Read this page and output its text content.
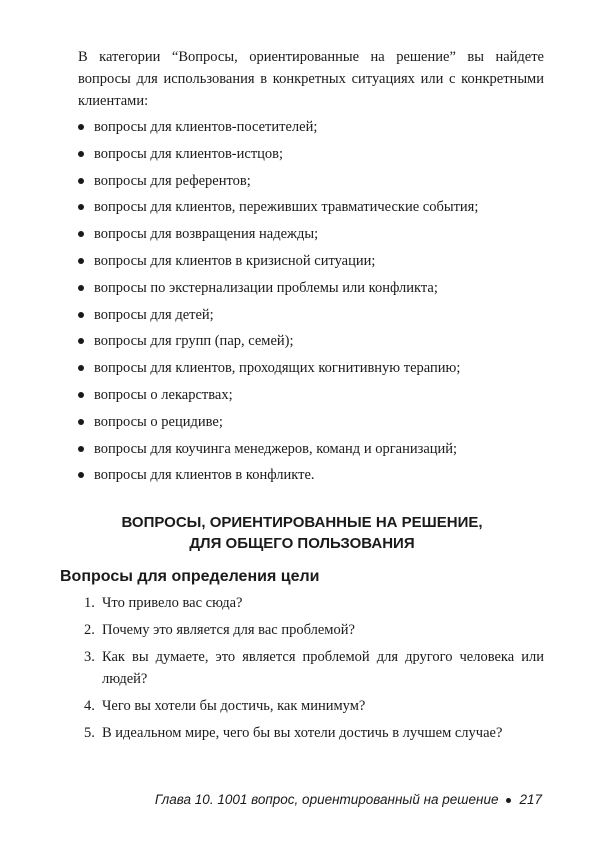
В категории “Вопросы, ориентированные на решение” вы найдете вопросы для использования в конкретных ситуациях или с конкретными клиентами:

вопросы для клиентов-посетителей;
вопросы для клиентов-истцов;
вопросы для референтов;
вопросы для клиентов, переживших травматические события;
вопросы для возвращения надежды;
вопросы для клиентов в кризисной ситуации;
вопросы по экстернализации проблемы или конфликта;
вопросы для детей;
вопросы для групп (пар, семей);
вопросы для клиентов, проходящих когнитивную терапию;
вопросы о лекарствах;
вопросы о рецидиве;
вопросы для коучинга менеджеров, команд и организаций;
вопросы для клиентов в конфликте.
ВОПРОСЫ, ОРИЕНТИРОВАННЫЕ НА РЕШЕНИЕ,
ДЛЯ ОБЩЕГО ПОЛЬЗОВАНИЯ
Вопросы для определения цели
1. Что привело вас сюда?
2. Почему это является для вас проблемой?
3. Как вы думаете, это является проблемой для другого человека или людей?
4. Чего вы хотели бы достичь, как минимум?
5. В идеальном мире, чего бы вы хотели достичь в лучшем случае?

Глава 10. 1001 вопрос, ориентированный на решение 217
